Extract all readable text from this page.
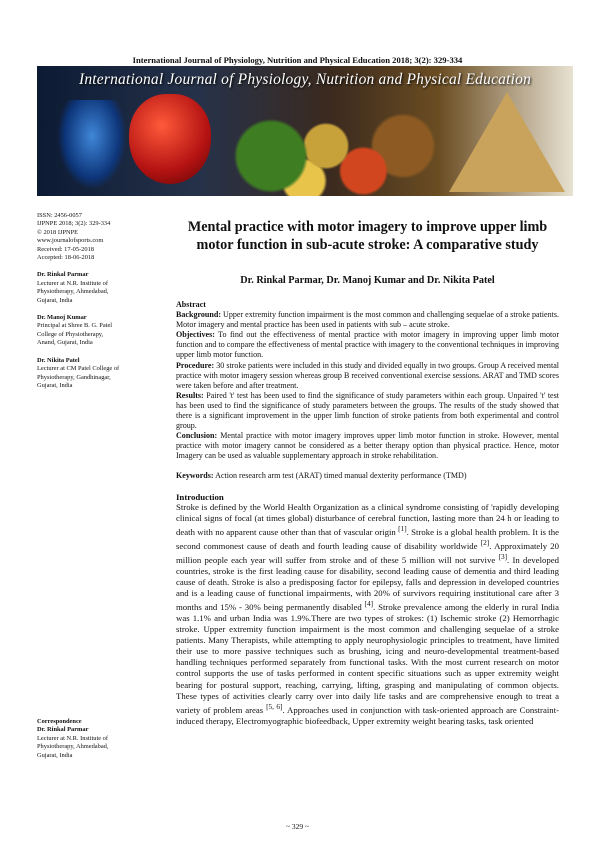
International Journal of Physiology, Nutrition and Physical Education 2018; 3(2): 329-334
International Journal of Physiology, Nutrition and Physical Education
ISSN: 2456-0057
IJPNPE 2018; 3(2): 329-334
© 2018 IJPNPE
www.journalofsports.com
Received: 17-05-2018
Accepted: 18-06-2018
Dr. Rinkal Parmar
Lecturer at N.R. Institute of
Physiotherapy, Ahmedabad,
Gujarat, India
Dr. Manoj Kumar
Principal at Shree B. G. Patel
College of Physiotherapy,
Anand, Gujarat, India
Dr. Nikita Patel
Lecturer at CM Patel College of
Physiotherapy, Gandhinagar,
Gujarat, India
Correspondence
Dr. Rinkal Parmar
Lecturer at N.R. Institute of
Physiotherapy, Ahmedabad,
Gujarat, India
Mental practice with motor imagery to improve upper limb motor function in sub-acute stroke: A comparative study
Dr. Rinkal Parmar, Dr. Manoj Kumar and Dr. Nikita Patel
Abstract

Background: Upper extremity function impairment is the most common and challenging sequelae of a stroke patients. Motor imagery and mental practice has been used in patients with sub – acute stroke.

Objectives: To find out the effectiveness of mental practice with motor imagery in improving upper limb motor function and to compare the effectiveness of mental practice with imagery to the conventional techniques in improving upper limb motor function.

Procedure: 30 stroke patients were included in this study and divided equally in two groups. Group A received mental practice with motor imagery session whereas group B received conventional exercise sessions. ARAT and TMD scores were taken before and after treatment.

Results: Paired 't' test has been used to find the significance of study parameters within each group. Unpaired 't' test has been used to find the significance of study parameters between the groups. The results of the study showed that there is a significant improvement in the upper limb function of stroke patients from both experimental and control group.

Conclusion: Mental practice with motor imagery improves upper limb motor function in stroke. However, mental practice with motor imagery cannot be considered as a better therapy option than physical practice. Hence, motor Imagery can be used as valuable supplementary approach in stroke rehabilitation.

Keywords: Action research arm test (ARAT) timed manual dexterity performance (TMD)
Introduction
Stroke is defined by the World Health Organization as a clinical syndrome consisting of 'rapidly developing clinical signs of focal (at times global) disturbance of cerebral function, lasting more than 24 h or leading to death with no apparent cause other than that of vascular origin [1]. Stroke is a global health problem. It is the second commonest cause of death and fourth leading cause of disability worldwide [2]. Approximately 20 million people each year will suffer from stroke and of these 5 million will not survive [3]. In developed countries, stroke is the first leading cause for disability, second leading cause of dementia and third leading cause of death. Stroke is also a predisposing factor for epilepsy, falls and depression in developed countries and is a leading cause of functional impairments, with 20% of survivors requiring institutional care after 3 months and 15% - 30% being permanently disabled [4]. Stroke prevalence among the elderly in rural India was 1.1% and urban India was 1.9%.There are two types of strokes: (1) Ischemic stroke (2) Hemorrhagic stroke. Upper extremity function impairment is the most common and challenging sequelae of a stroke patients. Many Therapists, while attempting to apply neurophysiologic principles to treatment, have limited their use to more passive techniques such as brushing, icing and neuro-developmental treatment-based handling techniques performed separately from functional tasks. With the most current research on motor control supports the use of tasks performed in content specific situations such as upper extremity weight bearing for postural support, reaching, carrying, lifting, grasping and manipulating of common objects. These types of activities clearly carry over into daily life tasks and are comprehensive enough to treat a variety of problem areas [5, 6]. Approaches used in conjunction with task-oriented approach are Constraint-induced therapy, Electromyographic biofeedback, Upper extremity weight bearing tasks, task oriented
~ 329 ~
